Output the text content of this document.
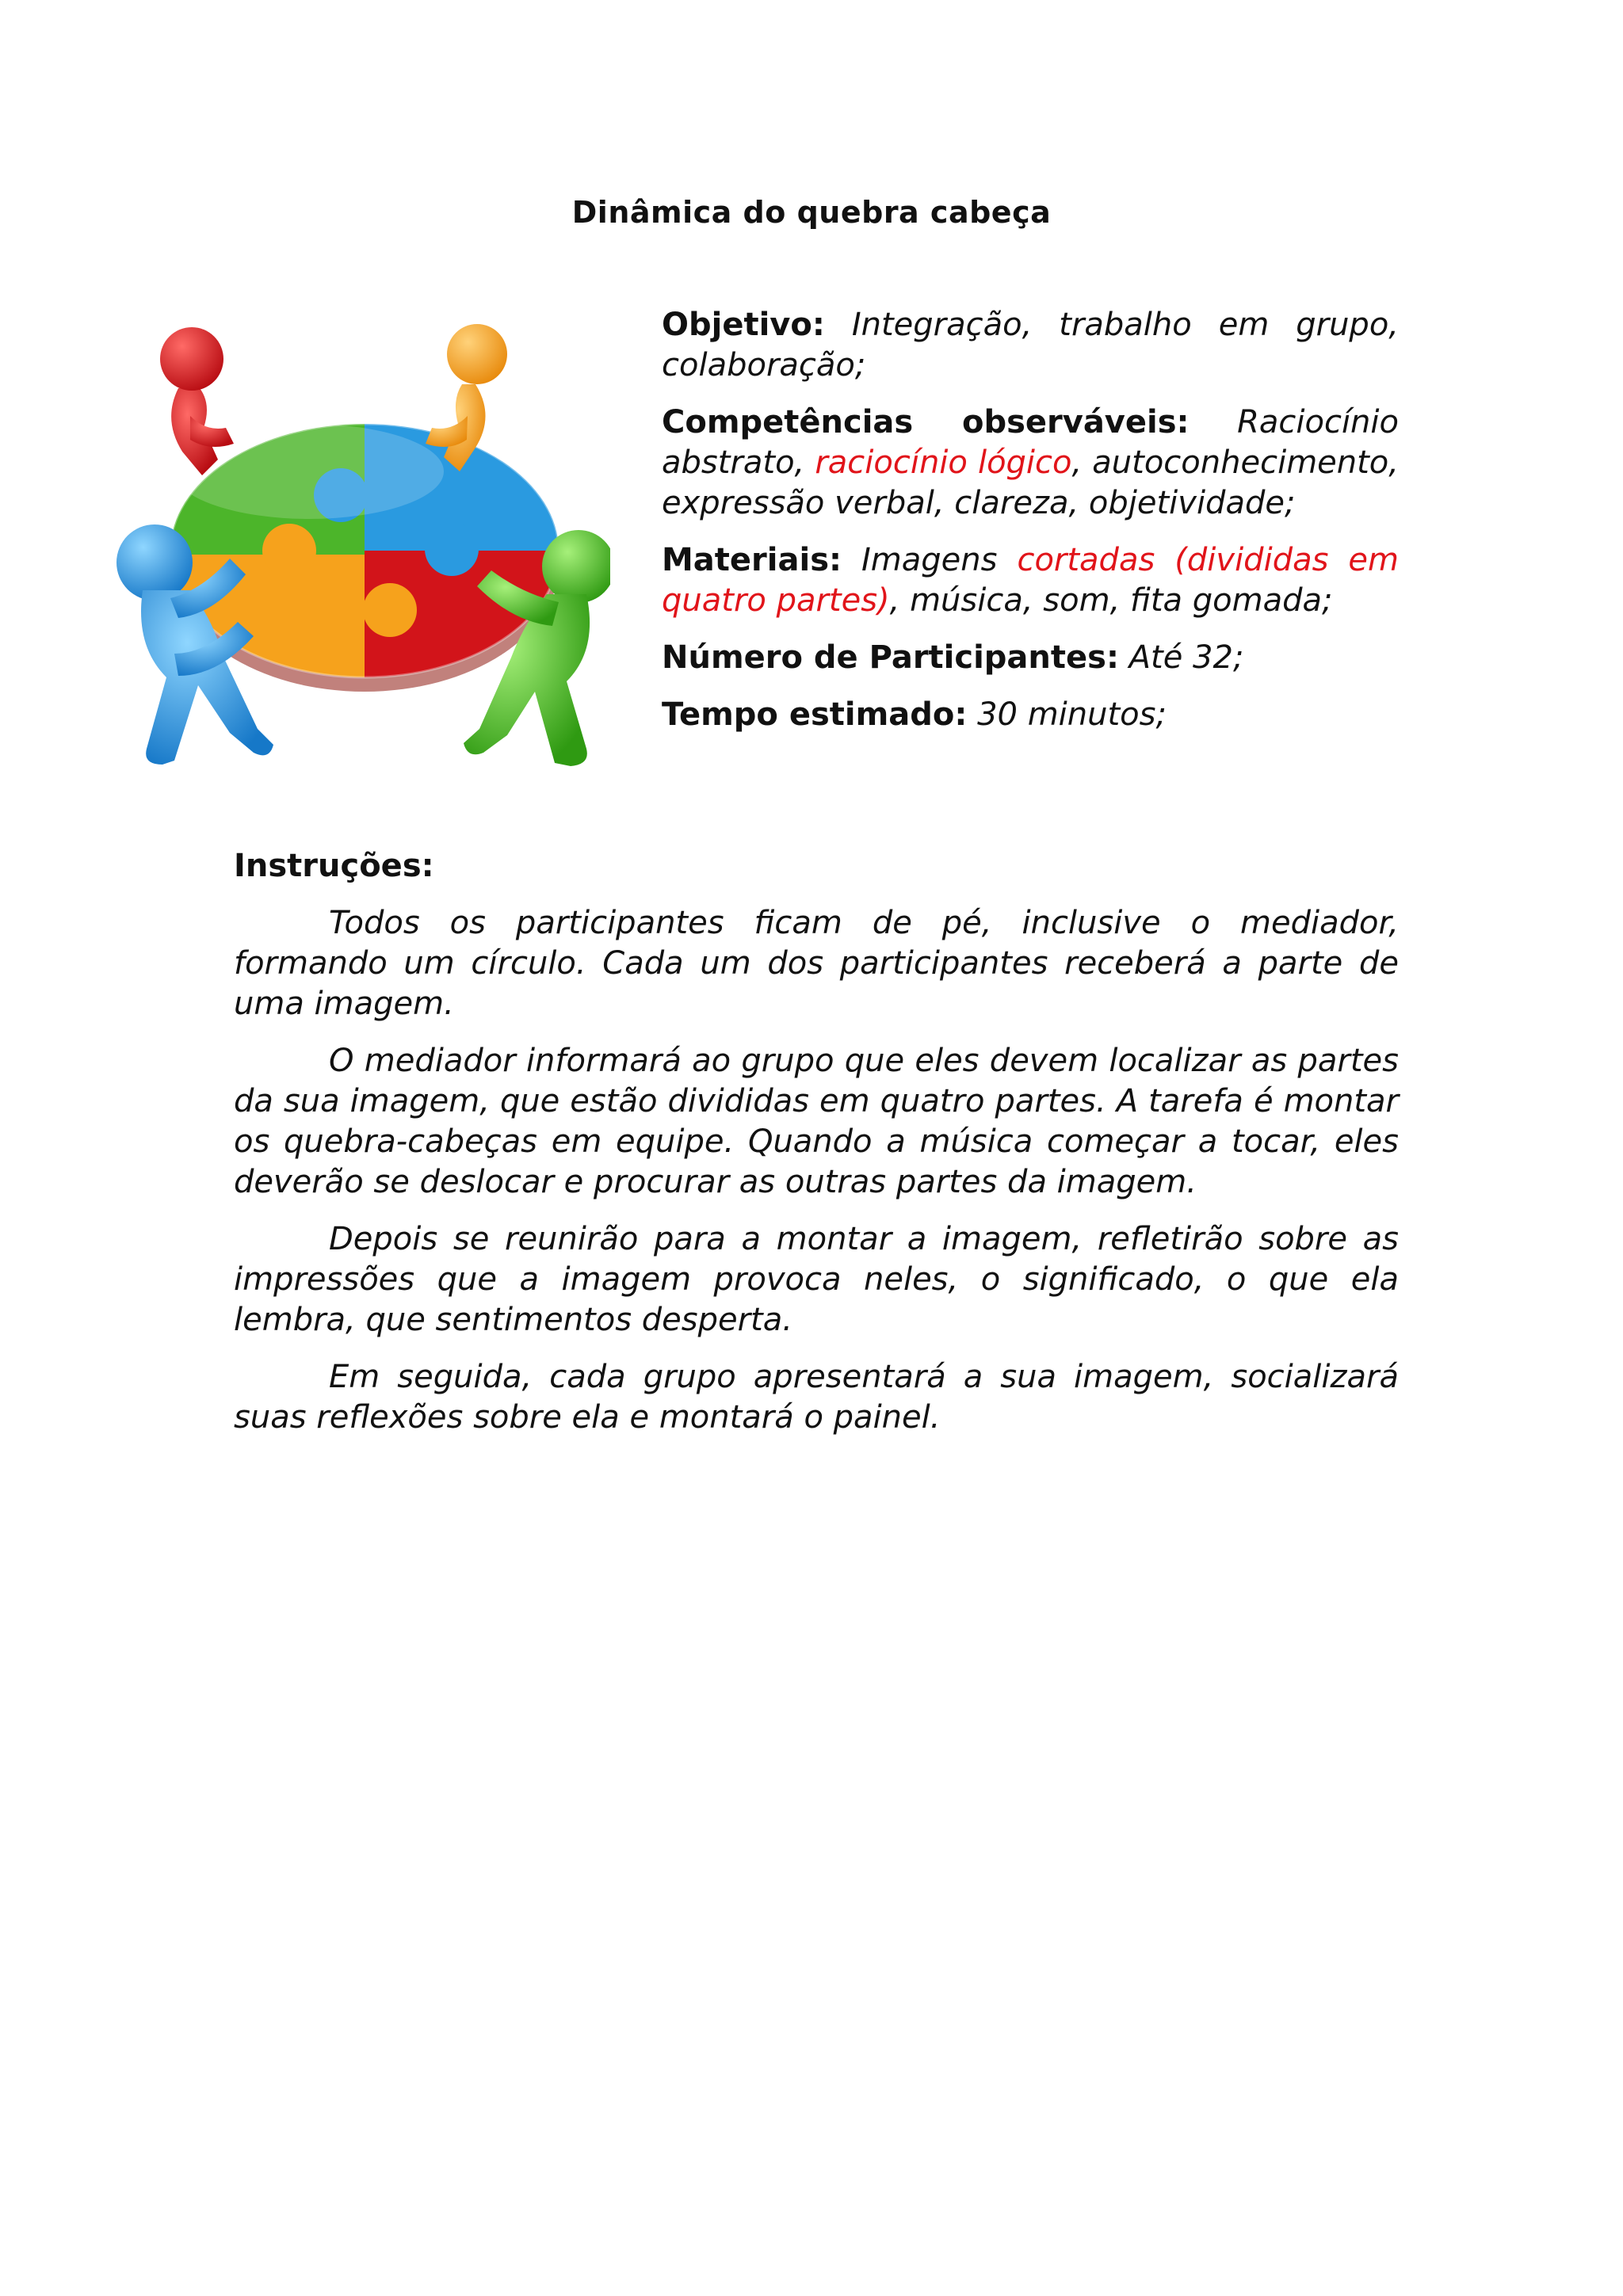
Dinâmica do quebra cabeça

Objetivo: Integração, trabalho em grupo, colaboração;

Competências observáveis: Raciocínio abstrato, raciocínio lógico, autoconhecimento, expressão verbal, clareza, objetividade;

Materiais: Imagens cortadas (divididas em quatro partes), música, som, fita gomada;

Número de Participantes: Até 32;

Tempo estimado: 30 minutos;

Instruções:

Todos os participantes ficam de pé, inclusive o mediador, formando um círculo. Cada um dos participantes receberá a parte de uma imagem.

O mediador informará ao grupo que eles devem localizar as partes da sua imagem, que estão divididas em quatro partes. A tarefa é montar os quebra-cabeças em equipe. Quando a música começar a tocar, eles deverão se deslocar e procurar as outras partes da imagem.

Depois se reunirão para a montar a imagem, refletirão sobre as impressões que a imagem provoca neles, o significado, o que ela lembra, que sentimentos desperta.

Em seguida, cada grupo apresentará a sua imagem, socializará suas reflexões sobre ela e montará o painel.
